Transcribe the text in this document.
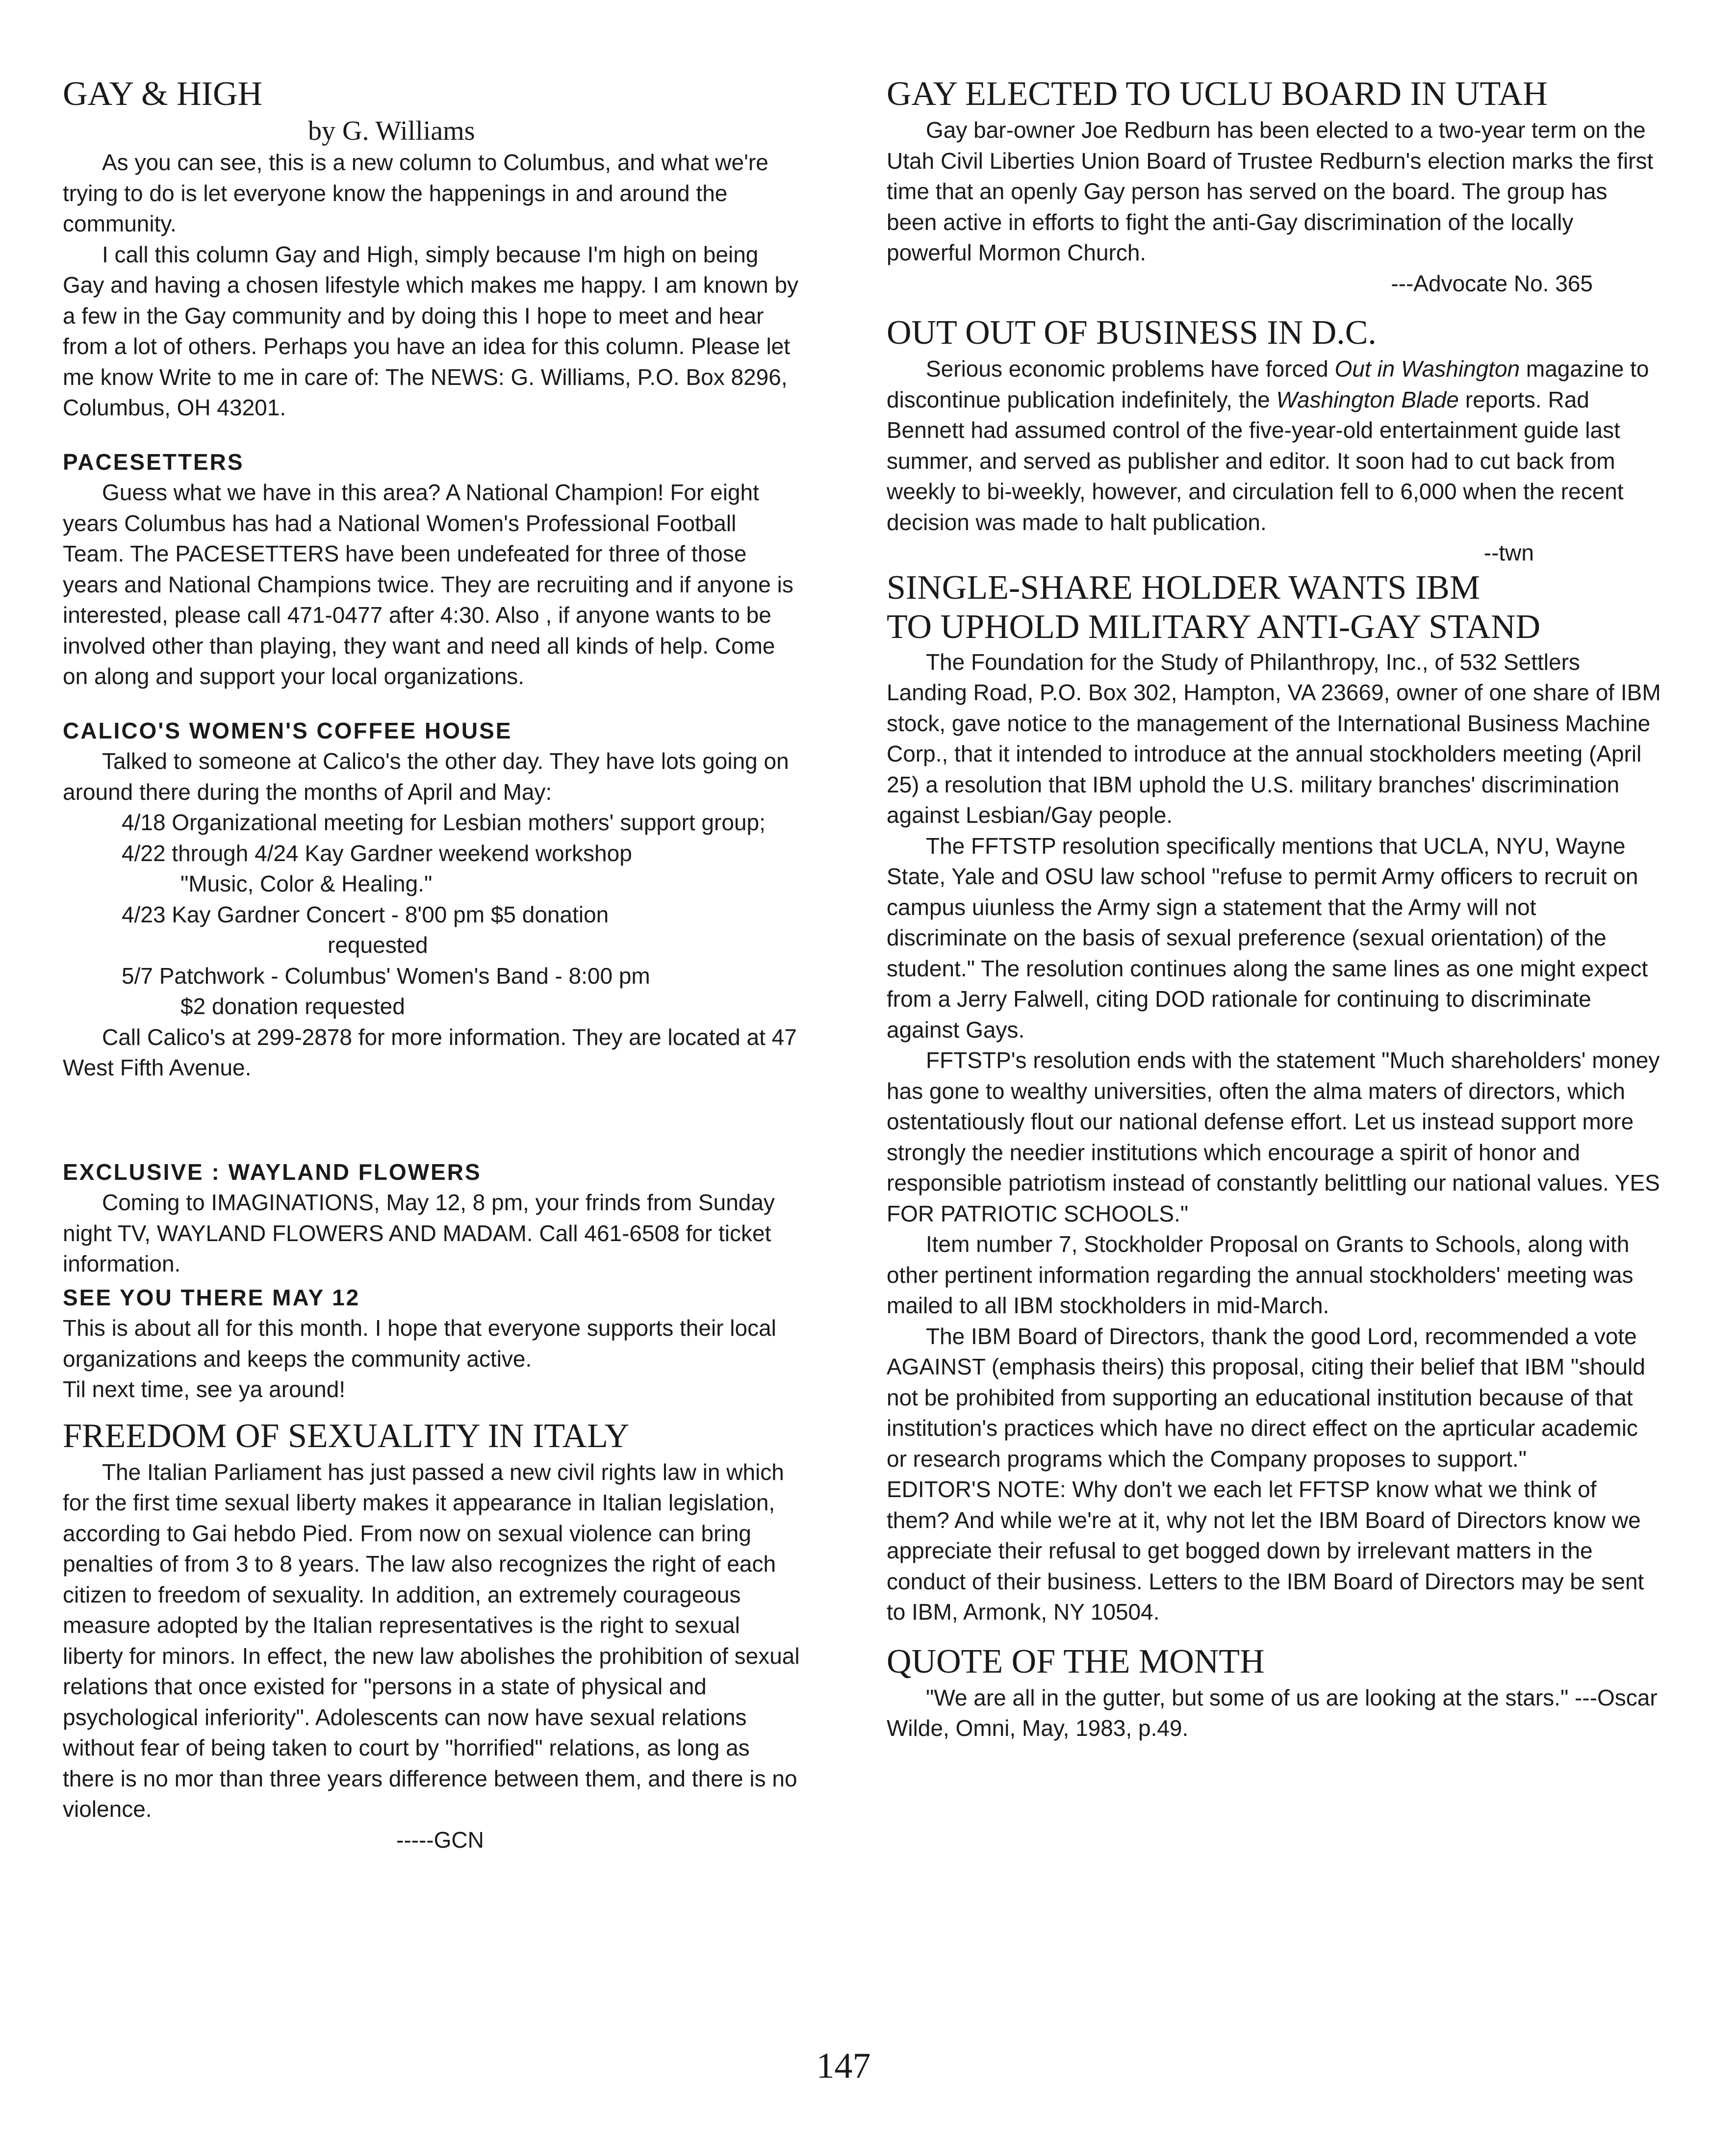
GAY & HIGH

by G. Williams

As you can see, this is a new column to Columbus, and what we're trying to do is let everyone know the happenings in and around the community.

I call this column Gay and High, simply because I'm high on being Gay and having a chosen lifestyle which makes me happy. I am known by a few in the Gay community and by doing this I hope to meet and hear from a lot of others. Perhaps you have an idea for this column. Please let me know Write to me in care of: The NEWS: G. Williams, P.O. Box 8296, Columbus, OH 43201.

PACESETTERS

Guess what we have in this area? A National Champion! For eight years Columbus has had a National Women's Professional Football Team. The PACESETTERS have been undefeated for three of those years and National Champions twice. They are recruiting and if anyone is interested, please call 471-0477 after 4:30. Also , if anyone wants to be involved other than playing, they want and need all kinds of help. Come on along and support your local organizations.

CALICO'S WOMEN'S COFFEE HOUSE

Talked to someone at Calico's the other day. They have lots going on around there during the months of April and May:

4/18 Organizational meeting for Lesbian mothers' support group;

4/22 through 4/24 Kay Gardner weekend workshop

"Music, Color & Healing."

4/23 Kay Gardner Concert - 8'00 pm $5 donation

requested

5/7 Patchwork - Columbus' Women's Band - 8:00 pm

$2 donation requested

Call Calico's at 299-2878 for more information. They are located at 47 West Fifth Avenue.

EXCLUSIVE : WAYLAND FLOWERS

Coming to IMAGINATIONS, May 12, 8 pm, your frinds from Sunday night TV, WAYLAND FLOWERS AND MADAM. Call 461-6508 for ticket information.

SEE YOU THERE MAY 12

This is about all for this month. I hope that everyone supports their local organizations and keeps the community active.

Til next time, see ya around!

FREEDOM OF SEXUALITY IN ITALY

The Italian Parliament has just passed a new civil rights law in which for the first time sexual liberty makes it appearance in Italian legislation, according to Gai hebdo Pied. From now on sexual violence can bring penalties of from 3 to 8 years. The law also recognizes the right of each citizen to freedom of sexuality. In addition, an extremely courageous measure adopted by the Italian representatives is the right to sexual liberty for minors. In effect, the new law abolishes the prohibition of sexual relations that once existed for "persons in a state of physical and psychological inferiority". Adolescents can now have sexual relations without fear of being taken to court by "horrified" relations, as long as there is no mor than three years difference between them, and there is no violence.

-----GCN

GAY ELECTED TO UCLU BOARD IN UTAH

Gay bar-owner Joe Redburn has been elected to a two-year term on the Utah Civil Liberties Union Board of Trustee Redburn's election marks the first time that an openly Gay person has served on the board. The group has been active in efforts to fight the anti-Gay discrimination of the locally powerful Mormon Church.

---Advocate No. 365

OUT OUT OF BUSINESS IN D.C.

Serious economic problems have forced Out in Washington magazine to discontinue publication indefinitely, the Washington Blade reports. Rad Bennett had assumed control of the five-year-old entertainment guide last summer, and served as publisher and editor. It soon had to cut back from weekly to bi-weekly, however, and circulation fell to 6,000 when the recent decision was made to halt publication.

--twn

SINGLE-SHARE HOLDER WANTS IBM
TO UPHOLD MILITARY ANTI-GAY STAND

The Foundation for the Study of Philanthropy, Inc., of 532 Settlers Landing Road, P.O. Box 302, Hampton, VA 23669, owner of one share of IBM stock, gave notice to the management of the International Business Machine Corp., that it intended to introduce at the annual stockholders meeting (April 25) a resolution that IBM uphold the U.S. military branches' discrimination against Lesbian/Gay people.

The FFTSTP resolution specifically mentions that UCLA, NYU, Wayne State, Yale and OSU law school "refuse to permit Army officers to recruit on campus uiunless the Army sign a statement that the Army will not discriminate on the basis of sexual preference (sexual orientation) of the student." The resolution continues along the same lines as one might expect from a Jerry Falwell, citing DOD rationale for continuing to discriminate against Gays.

FFTSTP's resolution ends with the statement "Much shareholders' money has gone to wealthy universities, often the alma maters of directors, which ostentatiously flout our national defense effort. Let us instead support more strongly the needier institutions which encourage a spirit of honor and responsible patriotism instead of constantly belittling our national values. YES FOR PATRIOTIC SCHOOLS."

Item number 7, Stockholder Proposal on Grants to Schools, along with other pertinent information regarding the annual stockholders' meeting was mailed to all IBM stockholders in mid-March.

The IBM Board of Directors, thank the good Lord, recommended a vote AGAINST (emphasis theirs) this proposal, citing their belief that IBM "should not be prohibited from supporting an educational institution because of that institution's practices which have no direct effect on the aprticular academic or research programs which the Company proposes to support."

EDITOR'S NOTE: Why don't we each let FFTSP know what we think of them? And while we're at it, why not let the IBM Board of Directors know we appreciate their refusal to get bogged down by irrelevant matters in the conduct of their business. Letters to the IBM Board of Directors may be sent to IBM, Armonk, NY 10504.

QUOTE OF THE MONTH

"We are all in the gutter, but some of us are looking at the stars." ---Oscar Wilde, Omni, May, 1983, p.49.

147
